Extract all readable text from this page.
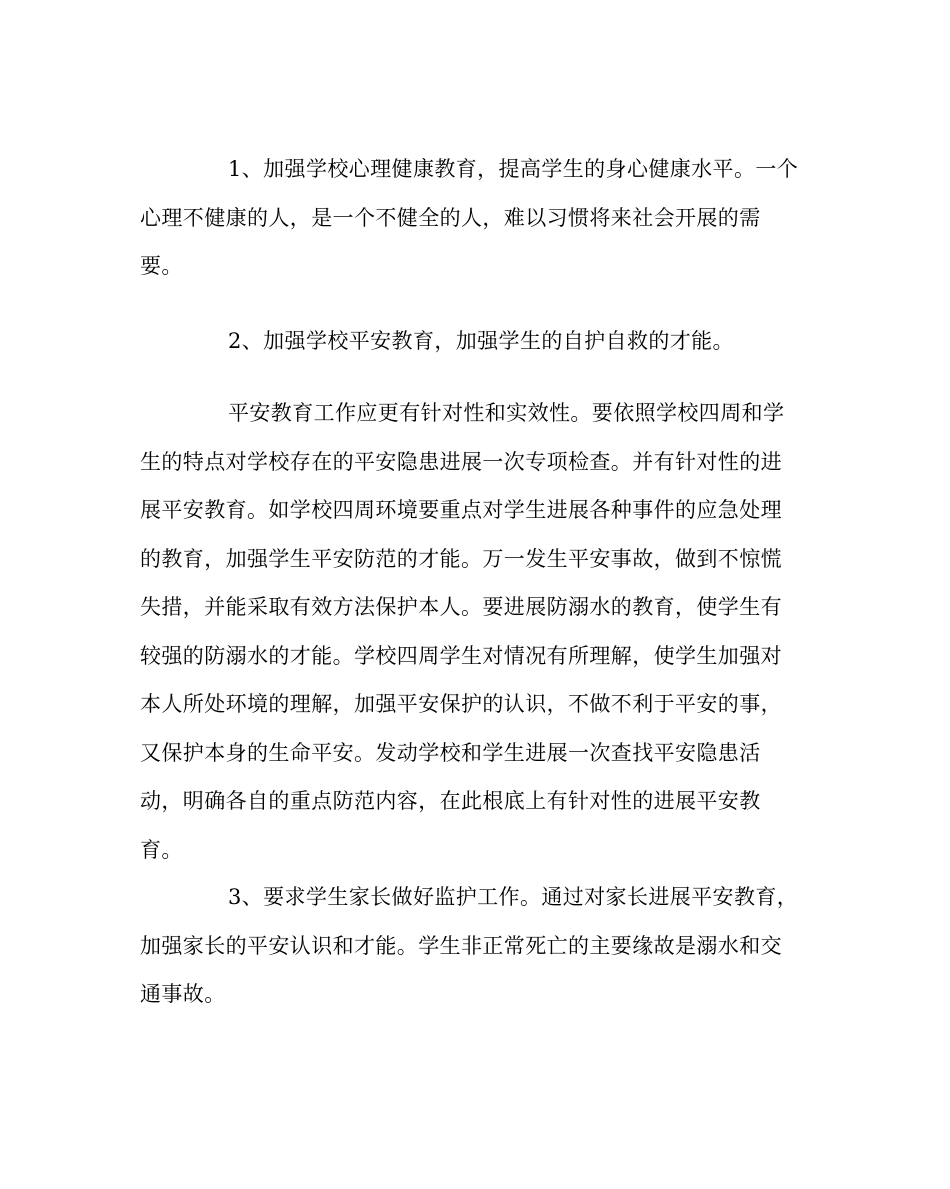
1、加强学校心理健康教育，提高学生的身心健康水平。一个
心理不健康的人，是一个不健全的人，难以习惯将来社会开展的需
要。

2、加强学校平安教育，加强学生的自护自救的才能。

平安教育工作应更有针对性和实效性。要依照学校四周和学
生的特点对学校存在的平安隐患进展一次专项检查。并有针对性的进
展平安教育。如学校四周环境要重点对学生进展各种事件的应急处理
的教育，加强学生平安防范的才能。万一发生平安事故，做到不惊慌
失措，并能采取有效方法保护本人。要进展防溺水的教育，使学生有
较强的防溺水的才能。学校四周学生对情况有所理解，使学生加强对
本人所处环境的理解，加强平安保护的认识，不做不利于平安的事，
又保护本身的生命平安。发动学校和学生进展一次查找平安隐患活
动，明确各自的重点防范内容，在此根底上有针对性的进展平安教
育。

3、要求学生家长做好监护工作。通过对家长进展平安教育，
加强家长的平安认识和才能。学生非正常死亡的主要缘故是溺水和交
通事故。
